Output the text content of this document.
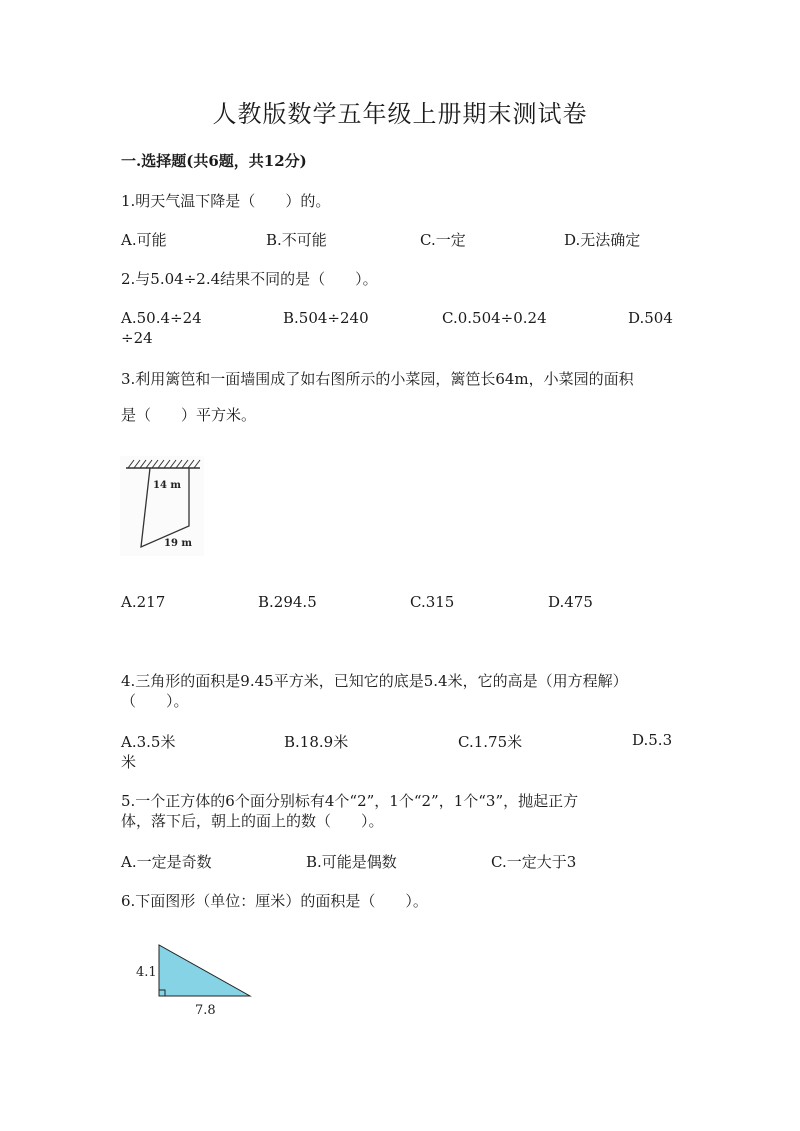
人教版数学五年级上册期末测试卷
一.选择题(共6题，共12分)
1.明天气温下降是（　　）的。
A.可能	B.不可能	C.一定	D.无法确定
2.与5.04÷2.4结果不同的是（　　）。
A.50.4÷24	B.504÷240	C.0.504÷0.24	D.504
÷24
3.利用篱笆和一面墙围成了如右图所示的小菜园，篱笆长64m，小菜园的面积
是（　　）平方米。
14 m
19 m
A.217	B.294.5	C.315	D.475
4.三角形的面积是9.45平方米，已知它的底是5.4米，它的高是（用方程解）
（　　）。
A.3.5米	B.18.9米	C.1.75米	D.5.3
米
5.一个正方体的6个面分别标有4个“2”，1个“2”，1个“3”，抛起正方
体，落下后，朝上的面上的数（　　）。
A.一定是奇数	B.可能是偶数	C.一定大于3
6.下面图形（单位：厘米）的面积是（　　）。
4.1
7.8
